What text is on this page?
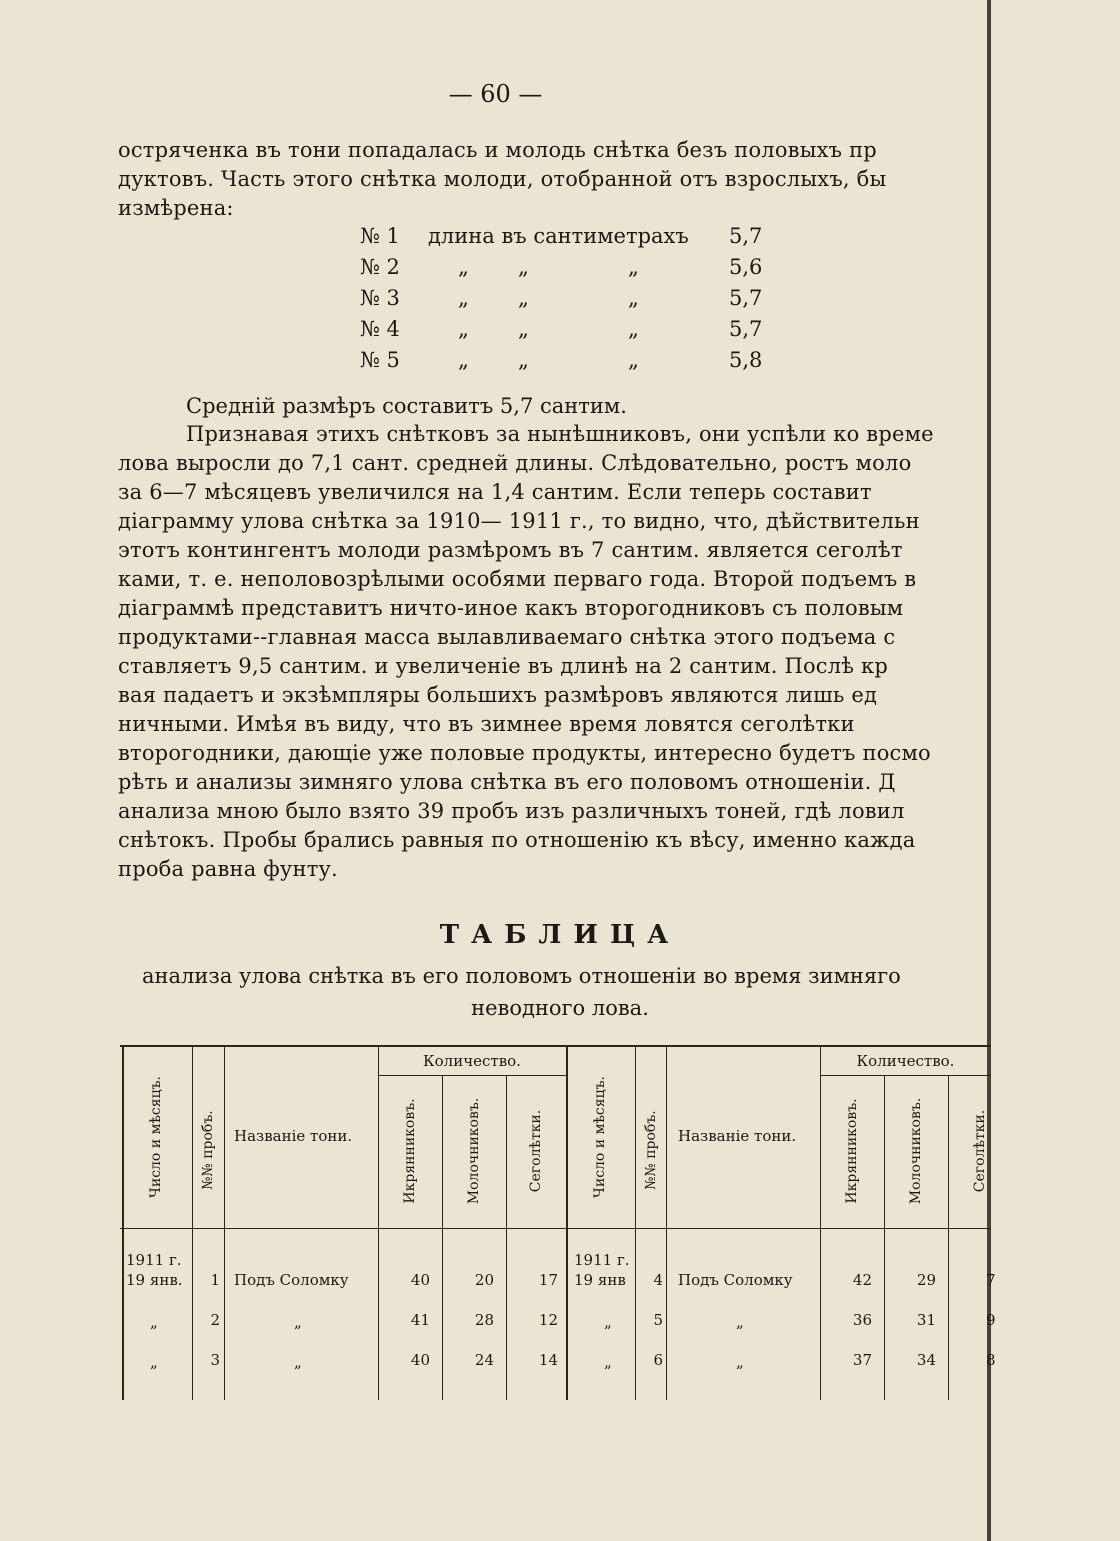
— 60 —
остряченка въ тони попадалась и молодь снѣтка безъ половыхъ пр
дуктовъ. Часть этого снѣтка молоди, отобранной отъ взрослыхъ, бы
измѣрена:
№ 1 длина въ сантиметрахъ 5,7
№ 2	„ „	„	5,6
№ 3	„ „	„	5,7
№ 4	„ „	„	5,7
№ 5	„ „	„	5,8
Среднiй размѣръ составитъ 5,7 сантим.
Признавая этихъ снѣтковъ за нынѣшниковъ, они успѣли ко време
лова выросли до 7,1 сант. средней длины. Слѣдовательно, ростъ моло
за 6—7 мѣсяцевъ увеличился на 1,4 сантим. Если теперь составит
дiаграмму улова снѣтка за 1910— 1911 г., то видно, что, дѣйствительн
этотъ контингентъ молоди размѣромъ въ 7 сантим. является сеголѣт
ками, т. е. неполовозрѣлыми особями перваго года. Второй подъемъ в
дiаграммѣ представитъ ничто-иное какъ второгодниковъ съ половым
продуктами--главная масса вылавливаемаго снѣтка этого подъема с
ставляетъ 9,5 сантим. и увеличенiе въ длинѣ на 2 сантим. Послѣ кр
вая падаетъ и экзѣмпляры большихъ размѣровъ являются лишь ед
ничными. Имѣя въ виду, что въ зимнее время ловятся сеголѣтки
второгодники, дающiе уже половые продукты, интересно будетъ посмо
рѣть и анализы зимняго улова снѣтка въ его половомъ отношенiи. Д
анализа мною было взято 39 пробъ изъ различныхъ тоней, гдѣ ловил
снѣтокъ. Пробы брались равныя по отношенiю къ вѣсу, именно кажда
проба равна фунту.
ТАБЛИЦА
анализа улова снѣтка въ его половомъ отношенiи во время зимняго
неводного лова.
Число и мѣсяцъ.	№№ пробъ. Названiе тони.
Количество.
Икрянниковъ.	Молочниковъ.	Сеголѣтки.	Число и мѣсяцъ.	№№ пробъ. Названiе тони.
Количество.
Икрянниковъ.	Молочниковъ.	Сеголѣтки.
1911 г.
19 янв.	1 Подъ Соломку	40	20	17
„	2	„	41	28	12
„	3	„	40	24	14
1911 г.
19 янв	4 Подъ Соломку	42	29	7
„	5	„	36	31	9
„	6	„	37	34	8
